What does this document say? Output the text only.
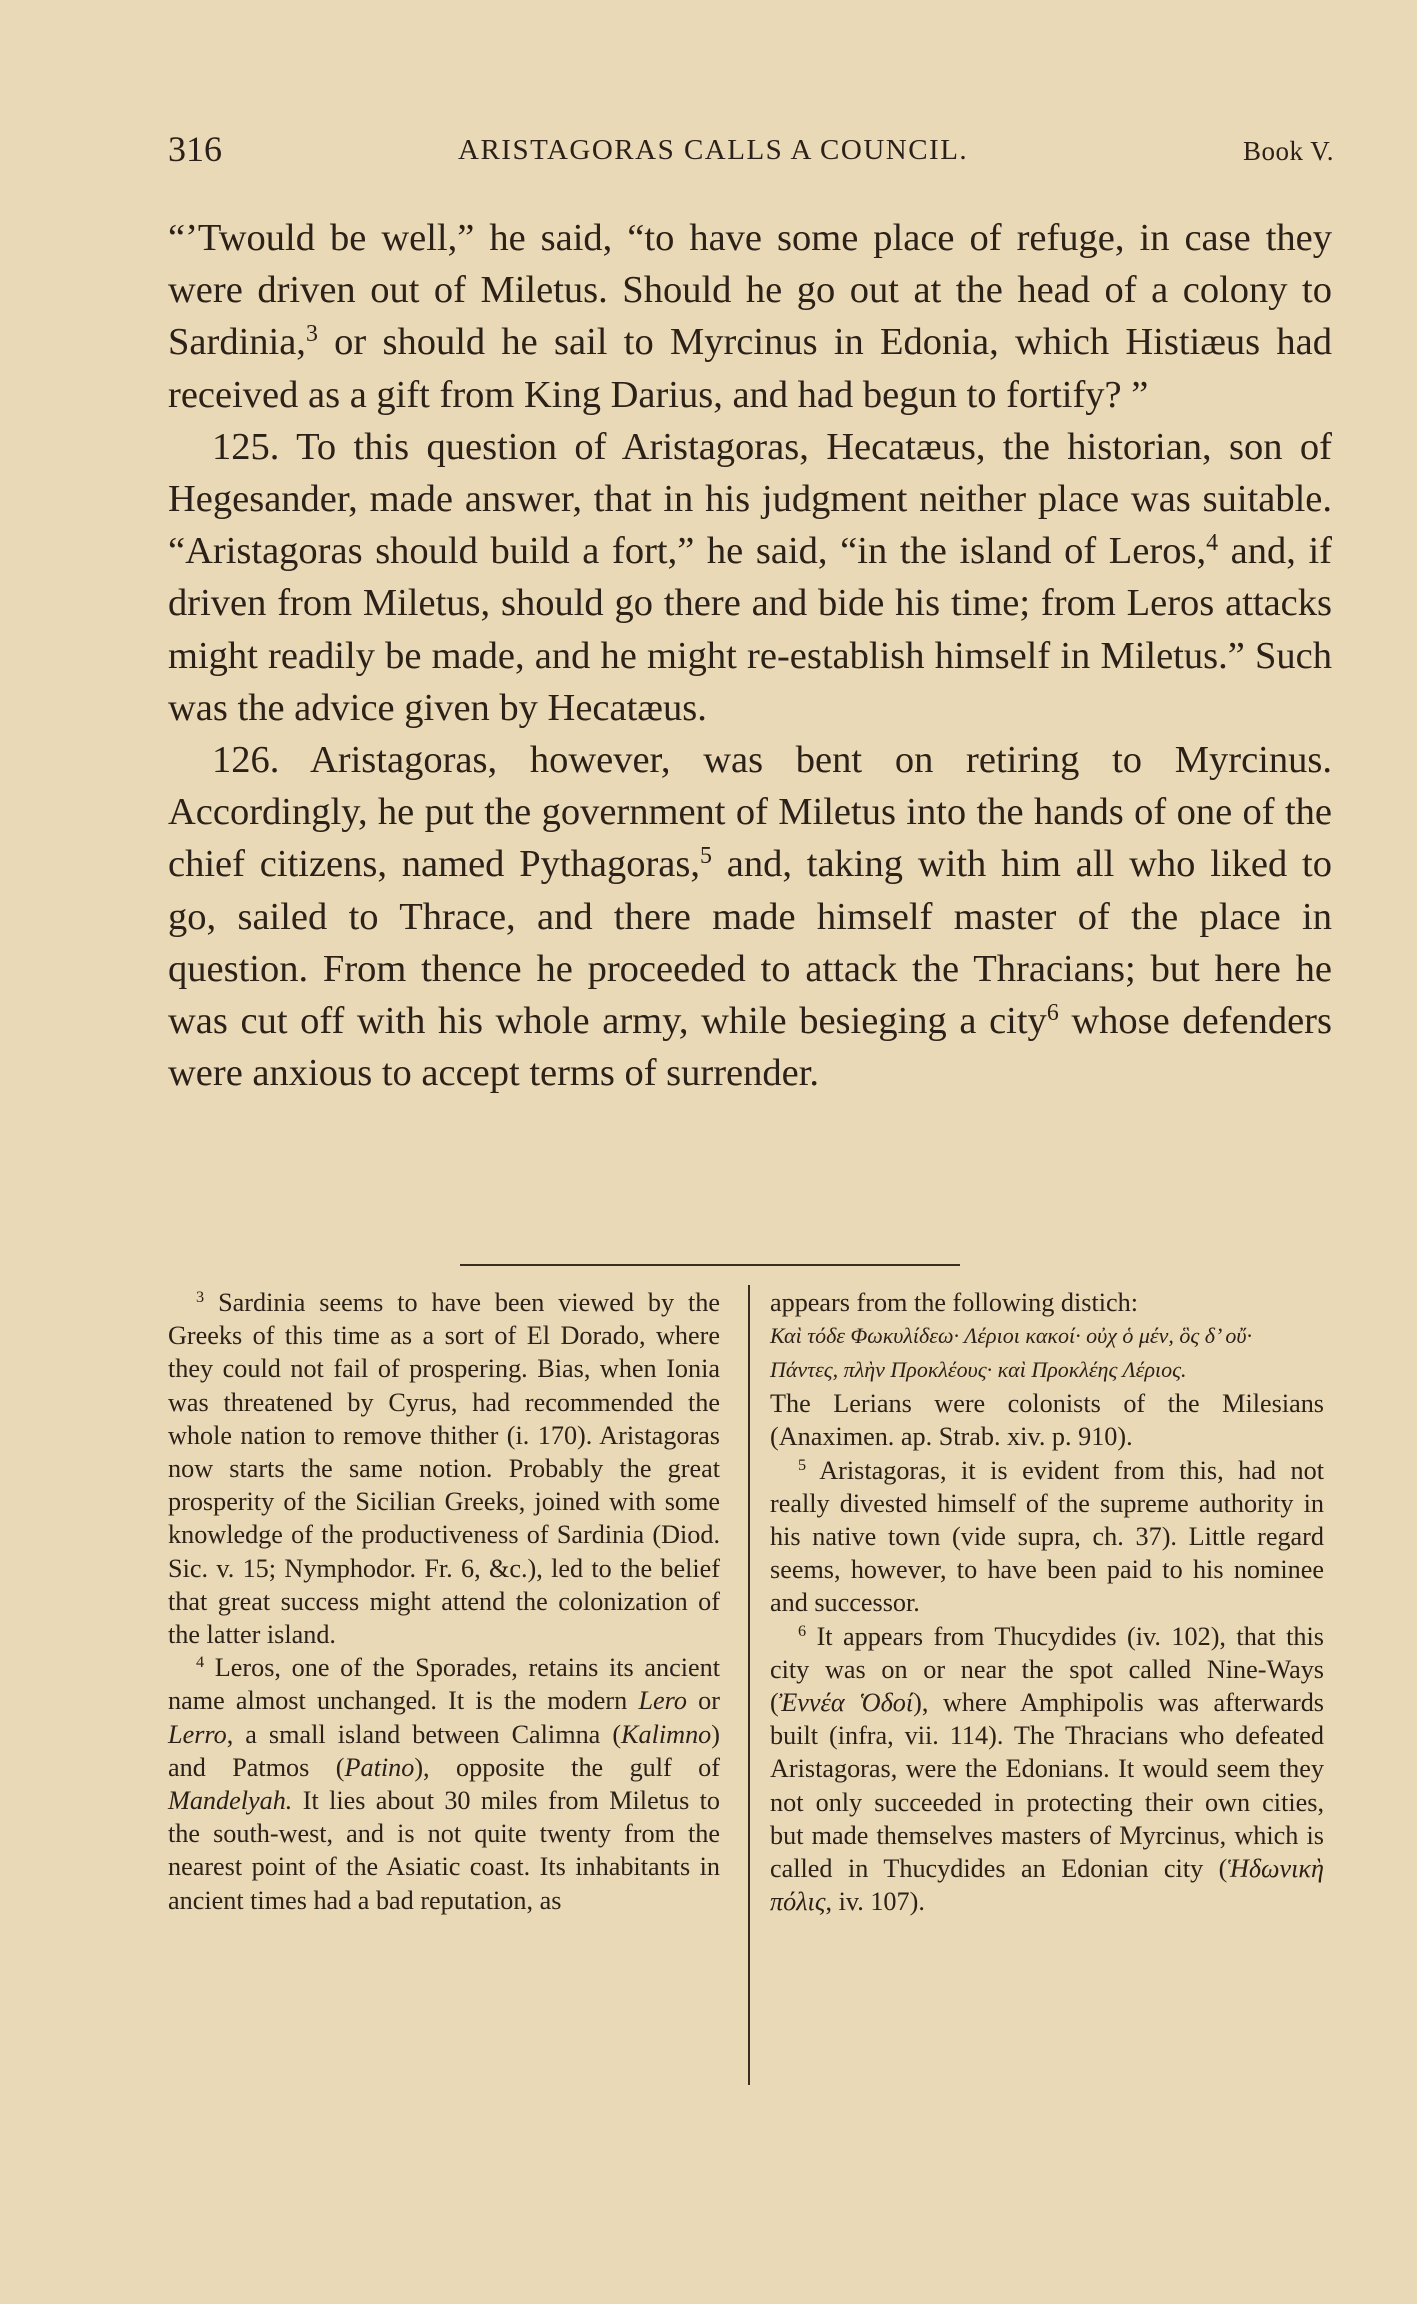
316	ARISTAGORAS CALLS A COUNCIL.	Book V.

“’Twould be well,” he said, “to have some place of refuge, in case they were driven out of Miletus. Should he go out at the head of a colony to Sardinia,$^3$ or should he sail to Myrcinus in Edonia, which Histiæus had received as a gift from King Darius, and had begun to fortify? ”

125. To this question of Aristagoras, Hecatæus, the historian, son of Hegesander, made answer, that in his judgment neither place was suitable. “Aristagoras should build a fort,” he said, “in the island of Leros,$^4$ and, if driven from Miletus, should go there and bide his time; from Leros attacks might readily be made, and he might re-establish himself in Miletus.” Such was the advice given by Hecatæus.

126. Aristagoras, however, was bent on retiring to Myrcinus. Accordingly, he put the government of Miletus into the hands of one of the chief citizens, named Pythagoras,$^5$ and, taking with him all who liked to go, sailed to Thrace, and there made himself master of the place in question. From thence he proceeded to attack the Thracians; but here he was cut off with his whole army, while besieging a city$^6$ whose defenders were anxious to accept terms of surrender.

$^3$ Sardinia seems to have been viewed by the Greeks of this time as a sort of El Dorado, where they could not fail of prospering. Bias, when Ionia was threatened by Cyrus, had recommended the whole nation to remove thither (i. 170). Aristagoras now starts the same notion. Probably the great prosperity of the Sicilian Greeks, joined with some knowledge of the productiveness of Sardinia (Diod. Sic. v. 15; Nymphodor. Fr. 6, &c.), led to the belief that great success might attend the colonization of the latter island.

$^4$ Leros, one of the Sporades, retains its ancient name almost unchanged. It is the modern Lero or Lerro, a small island between Calimna (Kalimno) and Patmos (Patino), opposite the gulf of Mandelyah. It lies about 30 miles from Miletus to the south-west, and is not quite twenty from the nearest point of the Asiatic coast. Its inhabitants in ancient times had a bad reputation, as

appears from the following distich:

Καὶ τόδε Φωκυλίδεω· Λέριοι κακοί· οὐχ ὁ μέν, ὃς δ’ οὔ·

Πάντες, πλὴν Προκλέους· καὶ Προκλέης Λέριος.

The Lerians were colonists of the Milesians (Anaximen. ap. Strab. xiv. p. 910).

$^5$ Aristagoras, it is evident from this, had not really divested himself of the supreme authority in his native town (vide supra, ch. 37). Little regard seems, however, to have been paid to his nominee and successor.

$^6$ It appears from Thucydides (iv. 102), that this city was on or near the spot called Nine-Ways (Ἐννέα Ὁδοί), where Amphipolis was afterwards built (infra, vii. 114). The Thracians who defeated Aristagoras, were the Edonians. It would seem they not only succeeded in protecting their own cities, but made themselves masters of Myrcinus, which is called in Thucydides an Edonian city (Ἡδωνικὴ πόλις, iv. 107).
